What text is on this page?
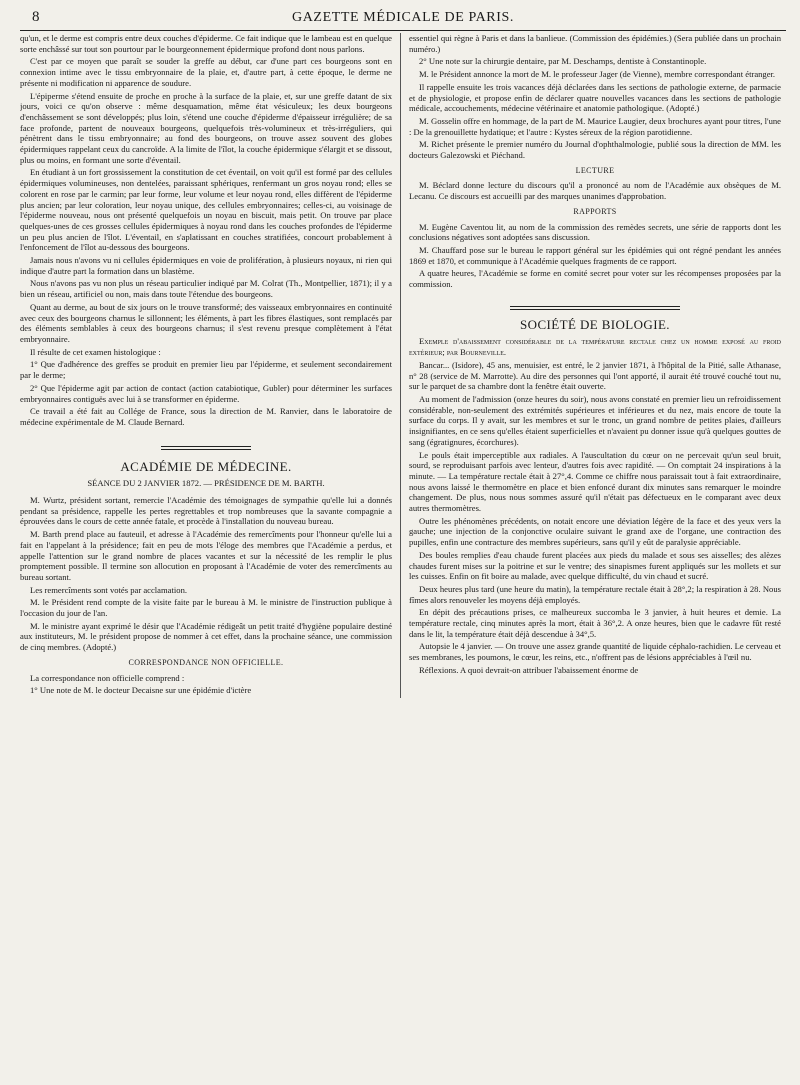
8	GAZETTE MÉDICALE DE PARIS.

qu'un, et le derme est compris entre deux couches d'épiderme. Ce fait indique que le lambeau est en quelque sorte enchâssé sur tout son pourtour par le bourgeonnement épidermique profond dont nous parlons.

C'est par ce moyen que paraît se souder la greffe au début, car d'une part ces bourgeons sont en connexion intime avec le tissu embryonnaire de la plaie, et, d'autre part, à cette époque, le derme ne présente ni modification ni apparence de soudure.

L'épiperme s'étend ensuite de proche en proche à la surface de la plaie, et, sur une greffe datant de six jours, voici ce qu'on observe : même desquamation, même état vésiculeux; les deux bourgeons d'enchâssement se sont développés; plus loin, s'étend une couche d'épiderme d'épaisseur irrégulière; de sa face profonde, partent de nouveaux bourgeons, quelquefois très-volumineux et très-irréguliers, qui pénètrent dans le tissu embryonnaire; au fond des bourgeons, on trouve assez souvent des globes épidermiques rappelant ceux du cancroïde. A la limite de l'îlot, la couche épidermique s'élargit et se dissout, plus ou moins, en formant une sorte d'éventail.

En étudiant à un fort grossissement la constitution de cet éventail, on voit qu'il est formé par des cellules épidermiques volumineuses, non dentelées, paraissant sphériques, renfermant un gros noyau rond; elles se colorent en rose par le carmin; par leur forme, leur volume et leur noyau rond, elles diffèrent de l'épiderme plus ancien; par leur coloration, leur noyau unique, des cellules embryonnaires; celles-ci, au voisinage de l'épiderme nouveau, nous ont présenté quelquefois un noyau en biscuit, mais petit. On trouve par place quelques-unes de ces grosses cellules épidermiques à noyau rond dans les couches profondes de l'épiderme un peu plus ancien de l'îlot. L'éventail, en s'aplatissant en couches stratifiées, concourt probablement à l'enfoncement de l'îlot au-dessous des bourgeons.

Jamais nous n'avons vu ni cellules épidermiques en voie de prolifération, à plusieurs noyaux, ni rien qui indique d'autre part la formation dans un blastème.

Nous n'avons pas vu non plus un réseau particulier indiqué par M. Colrat (Th., Montpellier, 1871); il y a bien un réseau, artificiel ou non, mais dans toute l'étendue des bourgeons.

Quant au derme, au bout de six jours on le trouve transformé; des vaisseaux embryonnaires en continuité avec ceux des bourgeons charnus le sillonnent; les éléments, à part les fibres élastiques, sont remplacés par des éléments semblables à ceux des bourgeons charnus; il s'est revenu presque complètement à l'état embryonnaire.

Il résulte de cet examen histologique :

1° Que d'adhérence des greffes se produit en premier lieu par l'épiderme, et seulement secondairement par le derme;

2° Que l'épiderme agit par action de contact (action catabiotique, Gubler) pour déterminer les surfaces embryonnaires contiguës avec lui à se transformer en épiderme.

Ce travail a été fait au Collége de France, sous la direction de M. Ranvier, dans le laboratoire de médecine expérimentale de M. Claude Bernard.

ACADÉMIE DE MÉDECINE.
SÉANCE DU 2 JANVIER 1872. — PRÉSIDENCE DE M. BARTH.

M. Wurtz, président sortant, remercie l'Académie des témoignages de sympathie qu'elle lui a donnés pendant sa présidence, rappelle les pertes regrettables et trop nombreuses que la savante compagnie a éprouvées dans le cours de cette année fatale, et procède à l'installation du nouveau bureau.

M. Barth prend place au fauteuil, et adresse à l'Académie des remercîments pour l'honneur qu'elle lui a fait en l'appelant à la présidence; fait en peu de mots l'éloge des membres que l'Académie a perdus, et appelle l'attention sur le grand nombre de places vacantes et sur la nécessité de les remplir le plus promptement possible. Il termine son allocution en proposant à l'Académie de voter des remercîments au bureau sortant.

Les remercîments sont votés par acclamation.

M. le Président rend compte de la visite faite par le bureau à M. le ministre de l'instruction publique à l'occasion du jour de l'an.

M. le ministre ayant exprimé le désir que l'Académie rédigeât un petit traité d'hygiène populaire destiné aux instituteurs, M. le président propose de nommer à cet effet, dans la prochaine séance, une commission de cinq membres. (Adopté.)

CORRESPONDANCE NON OFFICIELLE.

La correspondance non officielle comprend :

1° Une note de M. le docteur Decaisne sur une épidémie d'ictère

essentiel qui règne à Paris et dans la banlieue. (Commission des épidémies.) (Sera publiée dans un prochain numéro.)

2° Une note sur la chirurgie dentaire, par M. Deschamps, dentiste à Constantinople.

M. le Président annonce la mort de M. le professeur Jager (de Vienne), membre correspondant étranger.

Il rappelle ensuite les trois vacances déjà déclarées dans les sections de pathologie externe, de parmacie et de physiologie, et propose enfin de déclarer quatre nouvelles vacances dans les sections de pathologie médicale, accouchements, médecine vétérinaire et anatomie pathologique. (Adopté.)

M. Gosselin offre en hommage, de la part de M. Maurice Laugier, deux brochures ayant pour titres, l'une : De la grenouillette hydatique; et l'autre : Kystes séreux de la région parotidienne.

M. Richet présente le premier numéro du Journal d'ophthalmologie, publié sous la direction de MM. les docteurs Galezowski et Piéchand.

LECTURE

M. Béclard donne lecture du discours qu'il a prononcé au nom de l'Académie aux obsèques de M. Lecanu. Ce discours est accueilli par des marques unanimes d'approbation.

RAPPORTS

M. Eugène Caventou lit, au nom de la commission des remèdes secrets, une série de rapports dont les conclusions négatives sont adoptées sans discussion.

M. Chauffard pose sur le bureau le rapport général sur les épidémies qui ont régné pendant les années 1869 et 1870, et communique à l'Académie quelques fragments de ce rapport.

A quatre heures, l'Académie se forme en comité secret pour voter sur les récompenses proposées par la commission.

SOCIÉTÉ DE BIOLOGIE.

Exemple d'abaissement considérable de la température rectale chez un homme exposé au froid extérieur; par Bourneville.

Bancar... (Isidore), 45 ans, menuisier, est entré, le 2 janvier 1871, à l'hôpital de la Pitié, salle Athanase, n° 28 (service de M. Marrotte). Au dire des personnes qui l'ont apporté, il aurait été trouvé couché tout nu, sur le parquet de sa chambre dont la fenêtre était ouverte.

Au moment de l'admission (onze heures du soir), nous avons constaté en premier lieu un refroidissement considérable, non-seulement des extrémités supérieures et inférieures et du nez, mais encore de toute la surface du corps. Il y avait, sur les membres et sur le tronc, un grand nombre de petites plaies, d'ailleurs insignifiantes, en ce sens qu'elles étaient superficielles et n'avaient pu donner issue qu'à quelques gouttes de sang (égratignures, écorchures).

Le pouls était imperceptible aux radiales. A l'auscultation du cœur on ne percevait qu'un seul bruit, sourd, se reproduisant parfois avec lenteur, d'autres fois avec rapidité. — On comptait 24 inspirations à la minute. — La température rectale était à 27°,4. Comme ce chiffre nous paraissait tout à fait extraordinaire, nous avons laissé le thermomètre en place et bien enfoncé durant dix minutes sans remarquer le moindre changement. De plus, nous nous sommes assuré qu'il n'était pas défectueux en le comparant avec deux autres thermomètres.

Outre les phénomènes précédents, on notait encore une déviation légère de la face et des yeux vers la gauche; une injection de la conjonctive oculaire suivant le grand axe de l'organe, une contraction des pupilles, enfin une contracture des membres supérieurs, sans qu'il y eût de paralysie appréciable.

Des boules remplies d'eau chaude furent placées aux pieds du malade et sous ses aisselles; des alèzes chaudes furent mises sur la poitrine et sur le ventre; des sinapismes furent appliqués sur les mollets et sur les cuisses. Enfin on fit boire au malade, avec quelque difficulté, du vin chaud et sucré.

Deux heures plus tard (une heure du matin), la température rectale était à 28°,2; la respiration à 28. Nous fîmes alors renouveler les moyens déjà employés.

En dépit des précautions prises, ce malheureux succomba le 3 janvier, à huit heures et demie. La température rectale, cinq minutes après la mort, était à 36°,2. A onze heures, bien que le cadavre fût resté dans le lit, la température était déjà descendue à 34°,5.

Autopsie le 4 janvier. — On trouve une assez grande quantité de liquide céphalo-rachidien. Le cerveau et ses membranes, les poumons, le cœur, les reins, etc., n'offrent pas de lésions appréciables à l'œil nu.

Réflexions. A quoi devrait-on attribuer l'abaissement énorme de
